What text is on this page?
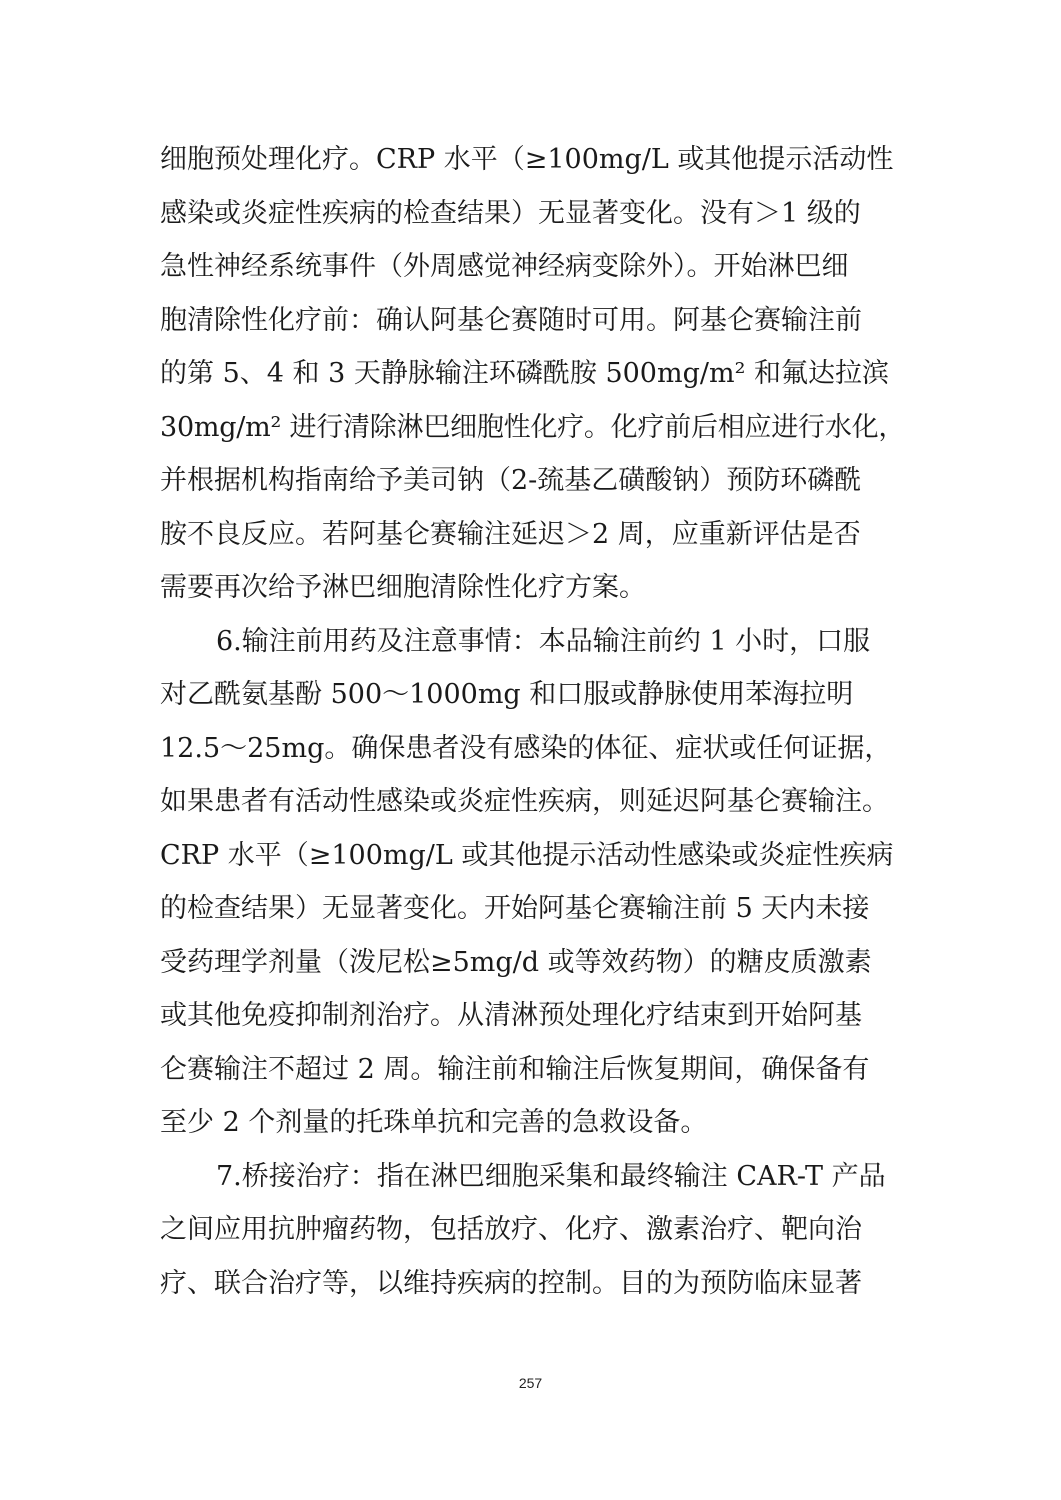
细胞预处理化疗。CRP 水平（≥100mg/L 或其他提示活动性
感染或炎症性疾病的检查结果）无显著变化。没有＞1 级的
急性神经系统事件（外周感觉神经病变除外）。开始淋巴细
胞清除性化疗前：确认阿基仑赛随时可用。阿基仑赛输注前
的第 5、4 和 3 天静脉输注环磷酰胺 500mg/m² 和氟达拉滨
30mg/m² 进行清除淋巴细胞性化疗。化疗前后相应进行水化，
并根据机构指南给予美司钠（2-巯基乙磺酸钠）预防环磷酰
胺不良反应。若阿基仑赛输注延迟＞2 周，应重新评估是否
需要再次给予淋巴细胞清除性化疗方案。
6.输注前用药及注意事情：本品输注前约 1 小时，口服
对乙酰氨基酚 500～1000mg 和口服或静脉使用苯海拉明
12.5～25mg。确保患者没有感染的体征、症状或任何证据，
如果患者有活动性感染或炎症性疾病，则延迟阿基仑赛输注。
CRP 水平（≥100mg/L 或其他提示活动性感染或炎症性疾病
的检查结果）无显著变化。开始阿基仑赛输注前 5 天内未接
受药理学剂量（泼尼松≥5mg/d 或等效药物）的糖皮质激素
或其他免疫抑制剂治疗。从清淋预处理化疗结束到开始阿基
仑赛输注不超过 2 周。输注前和输注后恢复期间，确保备有
至少 2 个剂量的托珠单抗和完善的急救设备。
7.桥接治疗：指在淋巴细胞采集和最终输注 CAR-T 产品
之间应用抗肿瘤药物，包括放疗、化疗、激素治疗、靶向治
疗、联合治疗等，以维持疾病的控制。目的为预防临床显著
257
